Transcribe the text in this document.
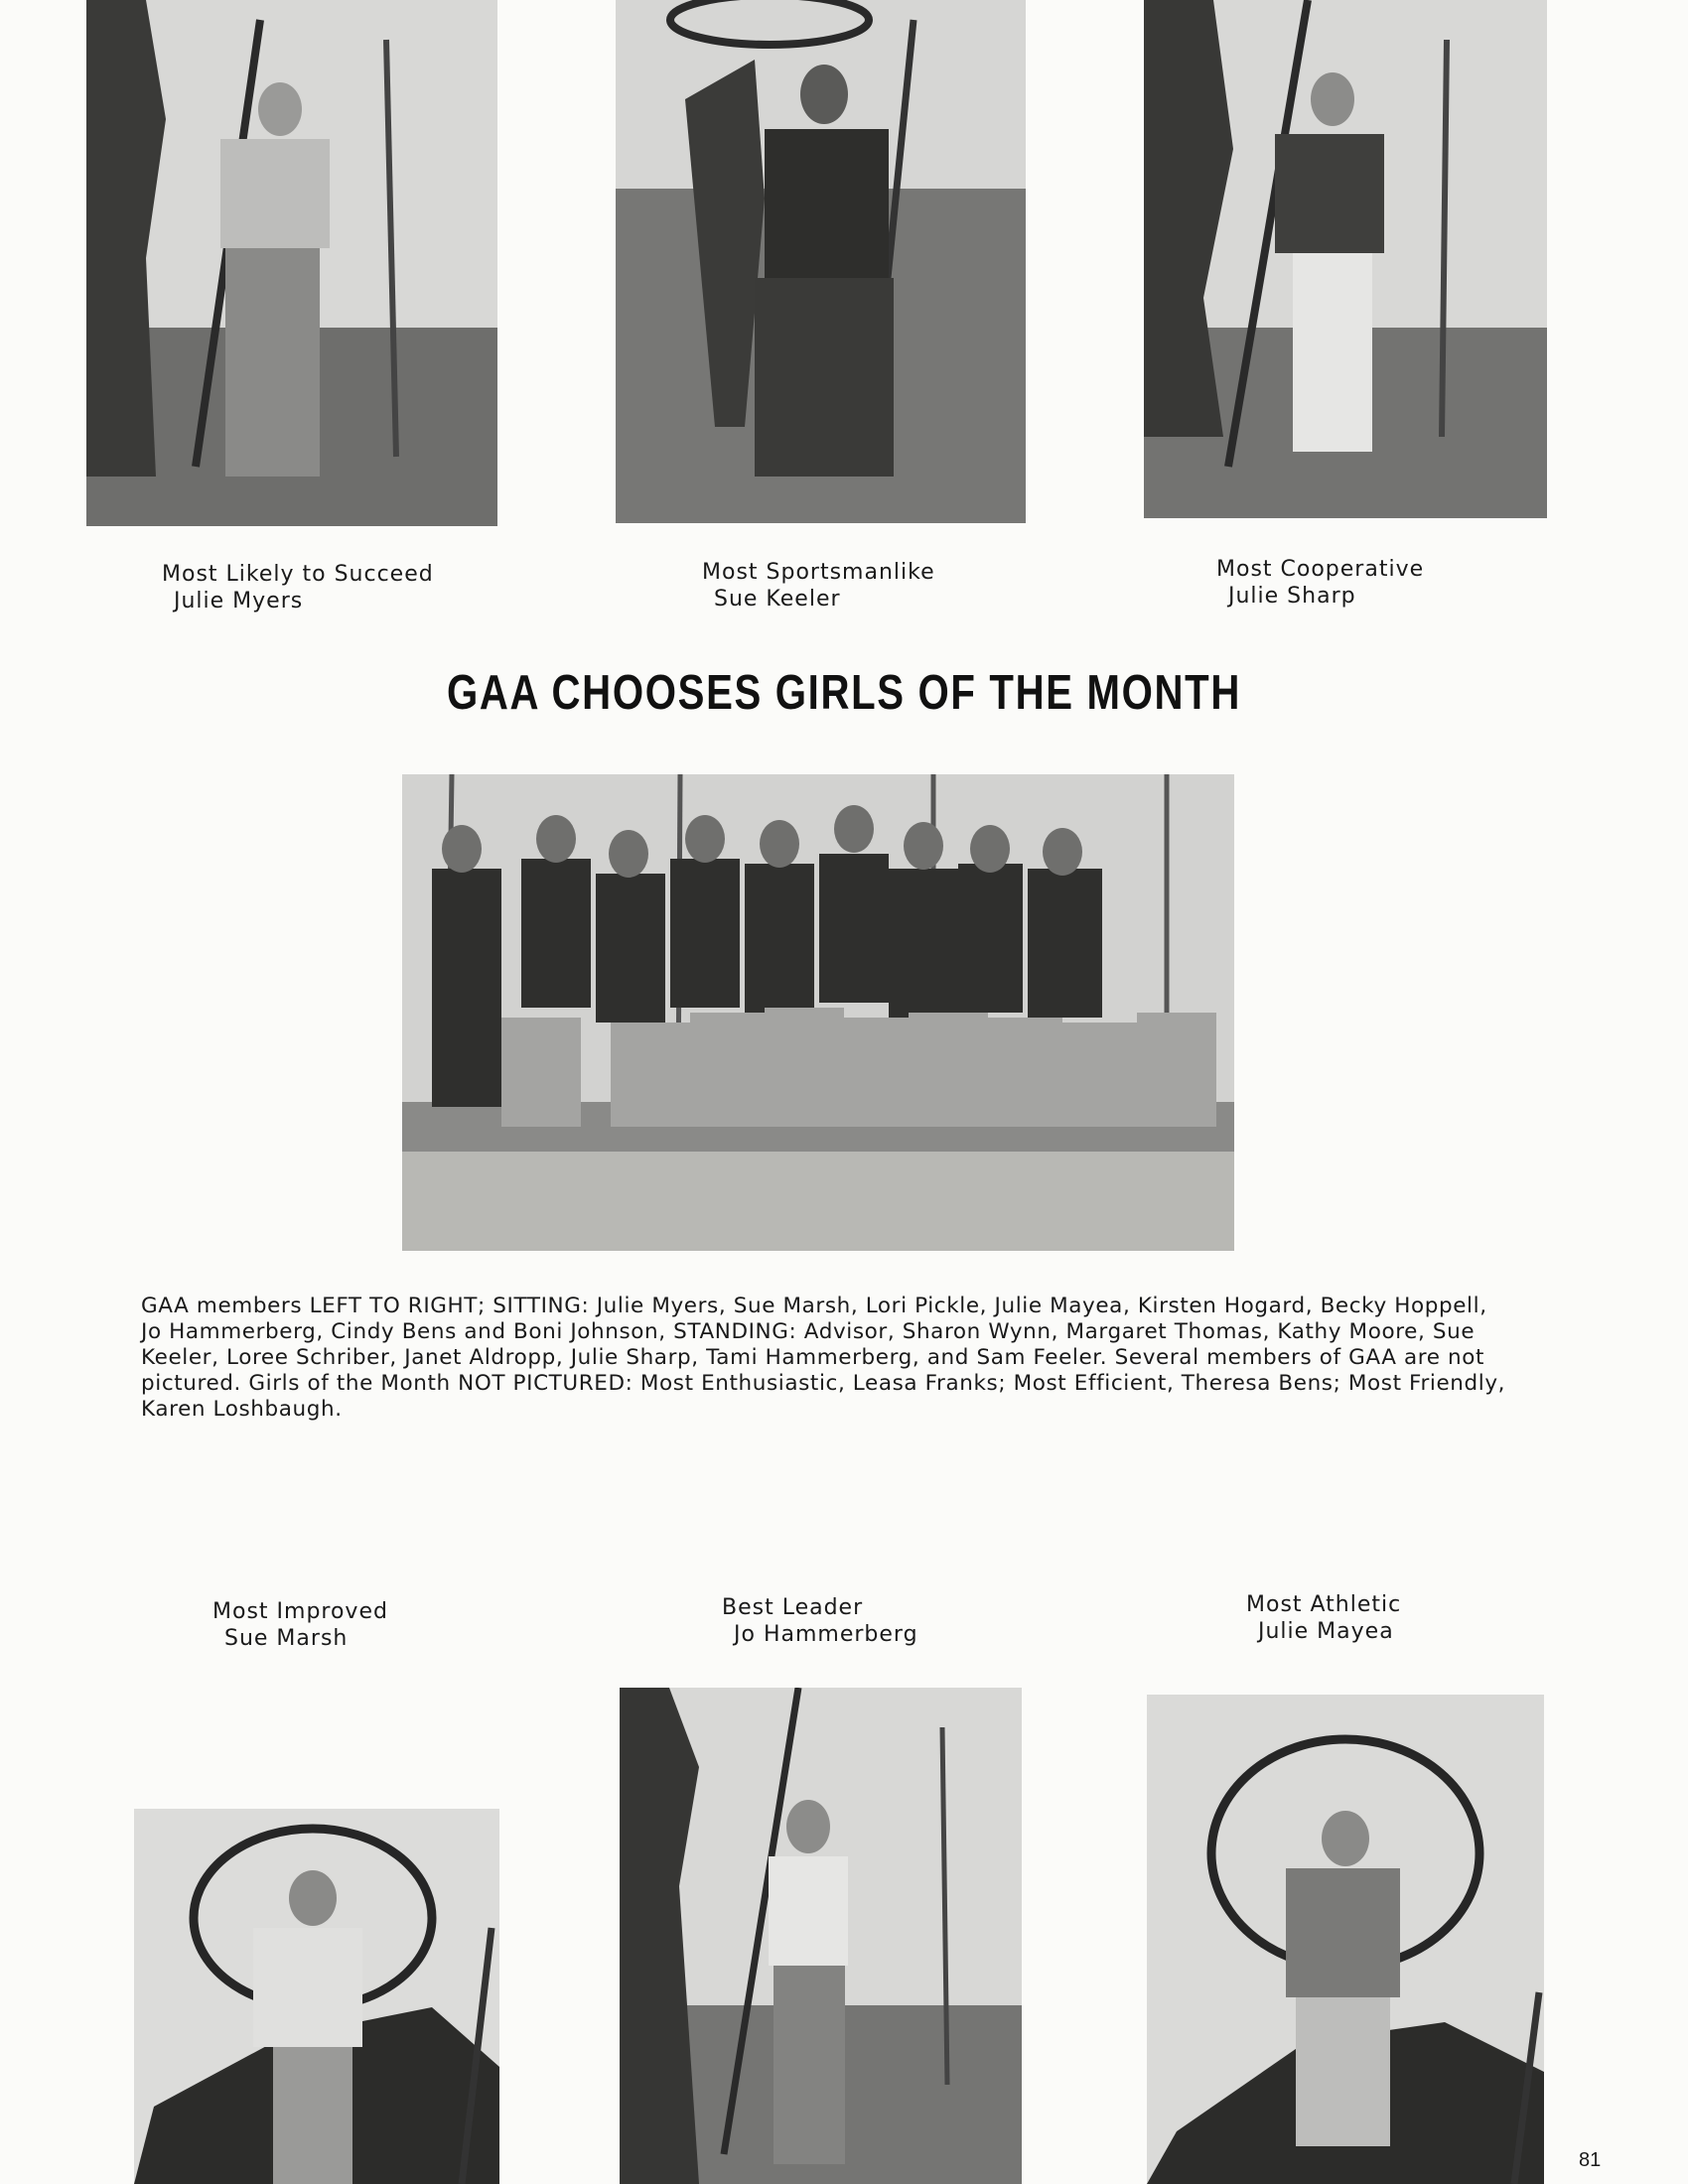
Most Likely to Succeed
Julie Myers
Most Sportsmanlike
Sue Keeler
Most Cooperative
Julie Sharp
GAA CHOOSES GIRLS OF THE MONTH
GAA members LEFT TO RIGHT; SITTING: Julie Myers, Sue Marsh, Lori Pickle, Julie Mayea, Kirsten Hogard, Becky Hoppell, Jo Hammerberg, Cindy Bens and Boni Johnson, STANDING: Advisor, Sharon Wynn, Margaret Thomas, Kathy Moore, Sue Keeler, Loree Schriber, Janet Aldropp, Julie Sharp, Tami Hammerberg, and Sam Feeler. Several members of GAA are not pictured. Girls of the Month NOT PICTURED: Most Enthusiastic, Leasa Franks; Most Efficient, Theresa Bens; Most Friendly, Karen Loshbaugh.
Most Improved
Sue Marsh
Best Leader
Jo Hammerberg
Most Athletic
Julie Mayea
81
